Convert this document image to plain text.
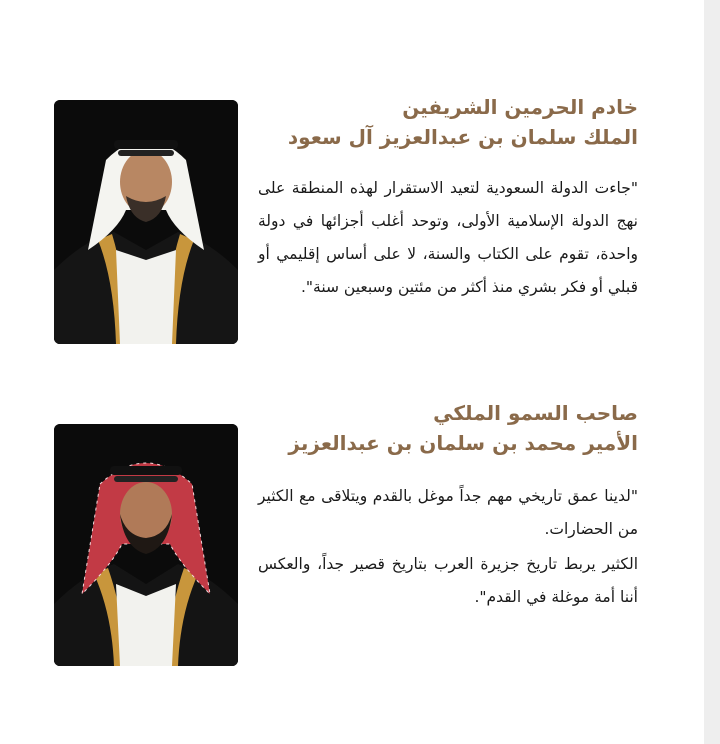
خادم الحرمين الشريفين
الملك سلمان بن عبدالعزيز آل سعود

"جاءت الدولة السعودية لتعيد الاستقرار لهذه المنطقة على نهج الدولة الإسلامية الأولى، وتوحد أغلب أجزائها في دولة واحدة، تقوم على الكتاب والسنة، لا على أساس إقليمي أو قبلي أو فكر بشري منذ أكثر من مئتين وسبعين سنة".

صاحب السمو الملكي
الأمير محمد بن سلمان بن عبدالعزيز

"لدينا عمق تاريخي مهم جداً موغل بالقدم ويتلاقى مع الكثير من الحضارات.

الكثير يربط تاريخ جزيرة العرب بتاريخ قصير جداً، والعكس أننا أمة موغلة في القدم".
